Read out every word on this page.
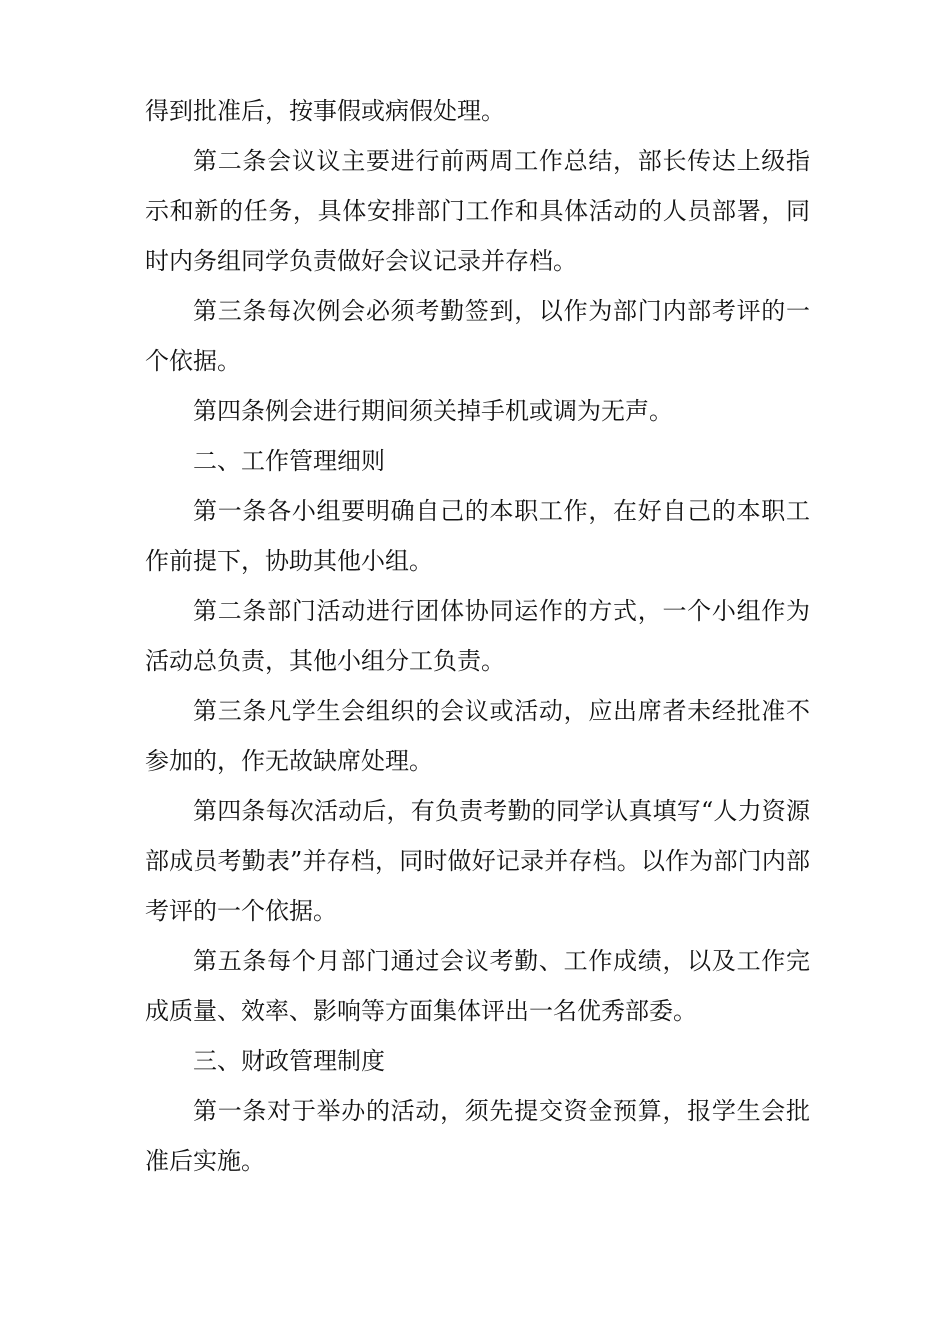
得到批准后，按事假或病假处理。

第二条会议议主要进行前两周工作总结，部长传达上级指示和新的任务，具体安排部门工作和具体活动的人员部署，同时内务组同学负责做好会议记录并存档。

第三条每次例会必须考勤签到，以作为部门内部考评的一个依据。

第四条例会进行期间须关掉手机或调为无声。

二、工作管理细则

第一条各小组要明确自己的本职工作，在好自己的本职工作前提下，协助其他小组。

第二条部门活动进行团体协同运作的方式，一个小组作为活动总负责，其他小组分工负责。

第三条凡学生会组织的会议或活动，应出席者未经批准不参加的，作无故缺席处理。

第四条每次活动后，有负责考勤的同学认真填写“人力资源部成员考勤表”并存档，同时做好记录并存档。以作为部门内部考评的一个依据。

第五条每个月部门通过会议考勤、工作成绩，以及工作完成质量、效率、影响等方面集体评出一名优秀部委。

三、财政管理制度

第一条对于举办的活动，须先提交资金预算，报学生会批准后实施。
